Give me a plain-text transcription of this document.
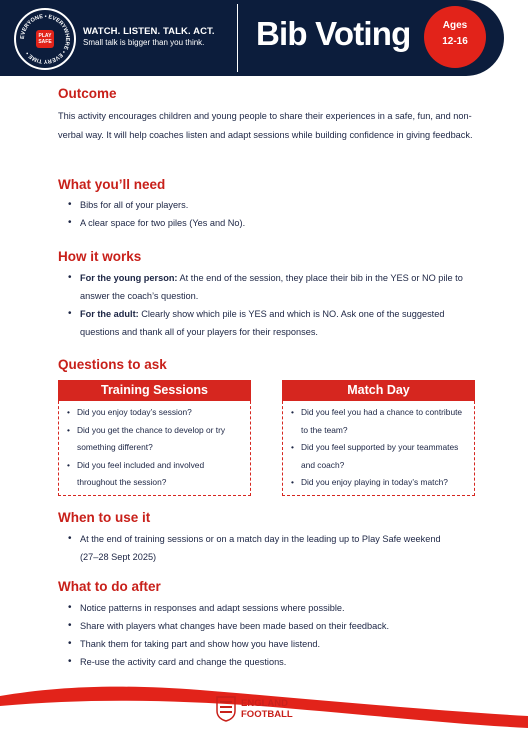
EVERYONE • EVERYWHERE • EVERY TIME •
PLAY SAFE
WATCH. LISTEN. TALK. ACT.
Small talk is bigger than you think. Bib Voting	Ages
12-16
Outcome

This activity encourages children and young people to share their experiences in a safe, fun, and non-verbal way. It will help coaches listen and adapt sessions while building confidence in giving feedback.

What you’ll need
• Bibs for all of your players.
• A clear space for two piles (Yes and No).
How it works
• For the young person: At the end of the session, they place their bib in the YES or NO pile to answer the coach’s question.
• For the adult: Clearly show which pile is YES and which is NO. Ask one of the suggested questions and thank all of your players for their responses.
Questions to ask
Training Sessions
• Did you enjoy today’s session?
• Did you get the chance to develop or try something different?
• Did you feel included and involved throughout the session?
Match Day
• Did you feel you had a chance to contribute to the team?
• Did you feel supported by your teammates and coach?
• Did you enjoy playing in today’s match?
When to use it
• At the end of training sessions or on a match day in the leading up to Play Safe weekend (27–28 Sept 2025)
What to do after
• Notice patterns in responses and adapt sessions where possible.
• Share with players what changes have been made based on their feedback.
• Thank them for taking part and show how you have listend.
• Re-use the activity card and change the questions.
ENGLAND
FOOTBALL
